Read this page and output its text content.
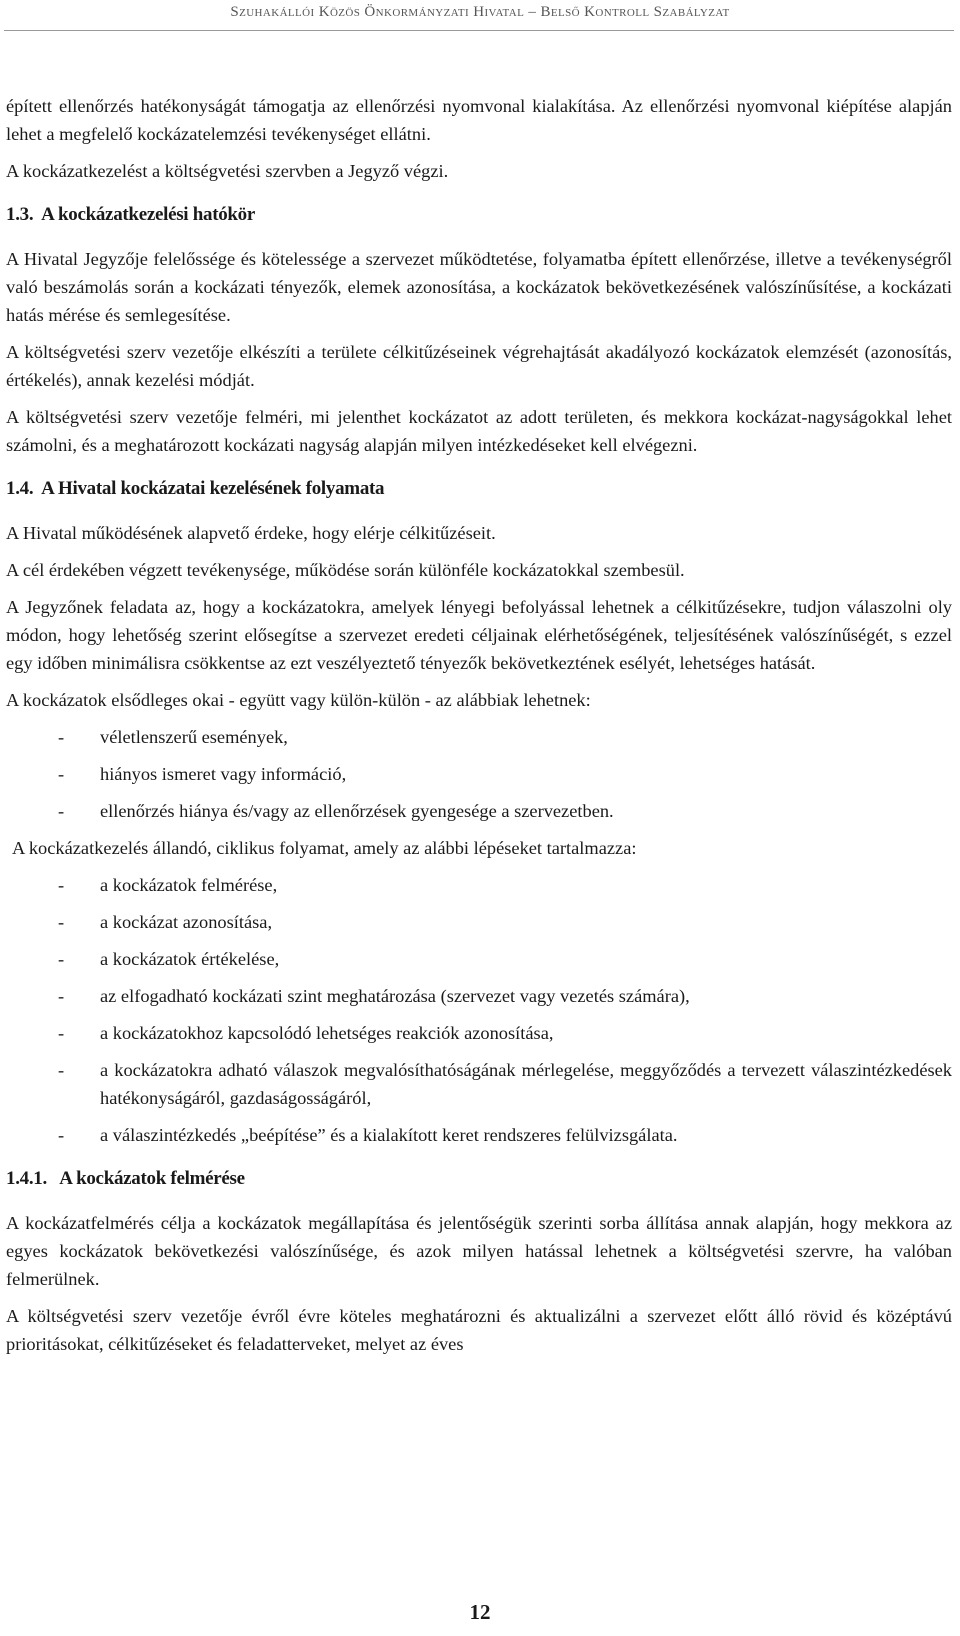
Szuhakállói Közös Önkormányzati Hivatal – Belső Kontroll Szabályzat

épített ellenőrzés hatékonyságát támogatja az ellenőrzési nyomvonal kialakítása. Az ellenőrzési nyomvonal kiépítése alapján lehet a megfelelő kockázatelemzési tevékenységet ellátni.

A kockázatkezelést a költségvetési szervben a Jegyző végzi.

1.3. A kockázatkezelési hatókör

A Hivatal Jegyzője felelőssége és kötelessége a szervezet működtetése, folyamatba épített ellenőrzése, illetve a tevékenységről való beszámolás során a kockázati tényezők, elemek azonosítása, a kockázatok bekövetkezésének valószínűsítése, a kockázati hatás mérése és semlegesítése.

A költségvetési szerv vezetője elkészíti a területe célkitűzéseinek végrehajtását akadályozó kockázatok elemzését (azonosítás, értékelés), annak kezelési módját.

A költségvetési szerv vezetője felméri, mi jelenthet kockázatot az adott területen, és mekkora kockázat-nagyságokkal lehet számolni, és a meghatározott kockázati nagyság alapján milyen intézkedéseket kell elvégezni.

1.4. A Hivatal kockázatai kezelésének folyamata

A Hivatal működésének alapvető érdeke, hogy elérje célkitűzéseit.

A cél érdekében végzett tevékenysége, működése során különféle kockázatokkal szembesül.

A Jegyzőnek feladata az, hogy a kockázatokra, amelyek lényegi befolyással lehetnek a célkitűzésekre, tudjon válaszolni oly módon, hogy lehetőség szerint elősegítse a szervezet eredeti céljainak elérhetőségének, teljesítésének valószínűségét, s ezzel egy időben minimálisra csökkentse az ezt veszélyeztető tényezők bekövetkeztének esélyét, lehetséges hatását.

A kockázatok elsődleges okai - együtt vagy külön-külön - az alábbiak lehetnek:

- véletlenszerű események,
- hiányos ismeret vagy információ,
- ellenőrzés hiánya és/vagy az ellenőrzések gyengesége a szervezetben.

A kockázatkezelés állandó, ciklikus folyamat, amely az alábbi lépéseket tartalmazza:

- a kockázatok felmérése,
- a kockázat azonosítása,
- a kockázatok értékelése,
- az elfogadható kockázati szint meghatározása (szervezet vagy vezetés számára),
- a kockázatokhoz kapcsolódó lehetséges reakciók azonosítása,
- a kockázatokra adható válaszok megvalósíthatóságának mérlegelése, meggyőződés a tervezett válaszintézkedések hatékonyságáról, gazdaságosságáról,
- a válaszintézkedés „beépítése” és a kialakított keret rendszeres felülvizsgálata.
1.4.1. A kockázatok felmérése

A kockázatfelmérés célja a kockázatok megállapítása és jelentőségük szerinti sorba állítása annak alapján, hogy mekkora az egyes kockázatok bekövetkezési valószínűsége, és azok milyen hatással lehetnek a költségvetési szervre, ha valóban felmerülnek.

A költségvetési szerv vezetője évről évre köteles meghatározni és aktualizálni a szervezet előtt álló rövid és középtávú prioritásokat, célkitűzéseket és feladatterveket, melyet az éves

12
